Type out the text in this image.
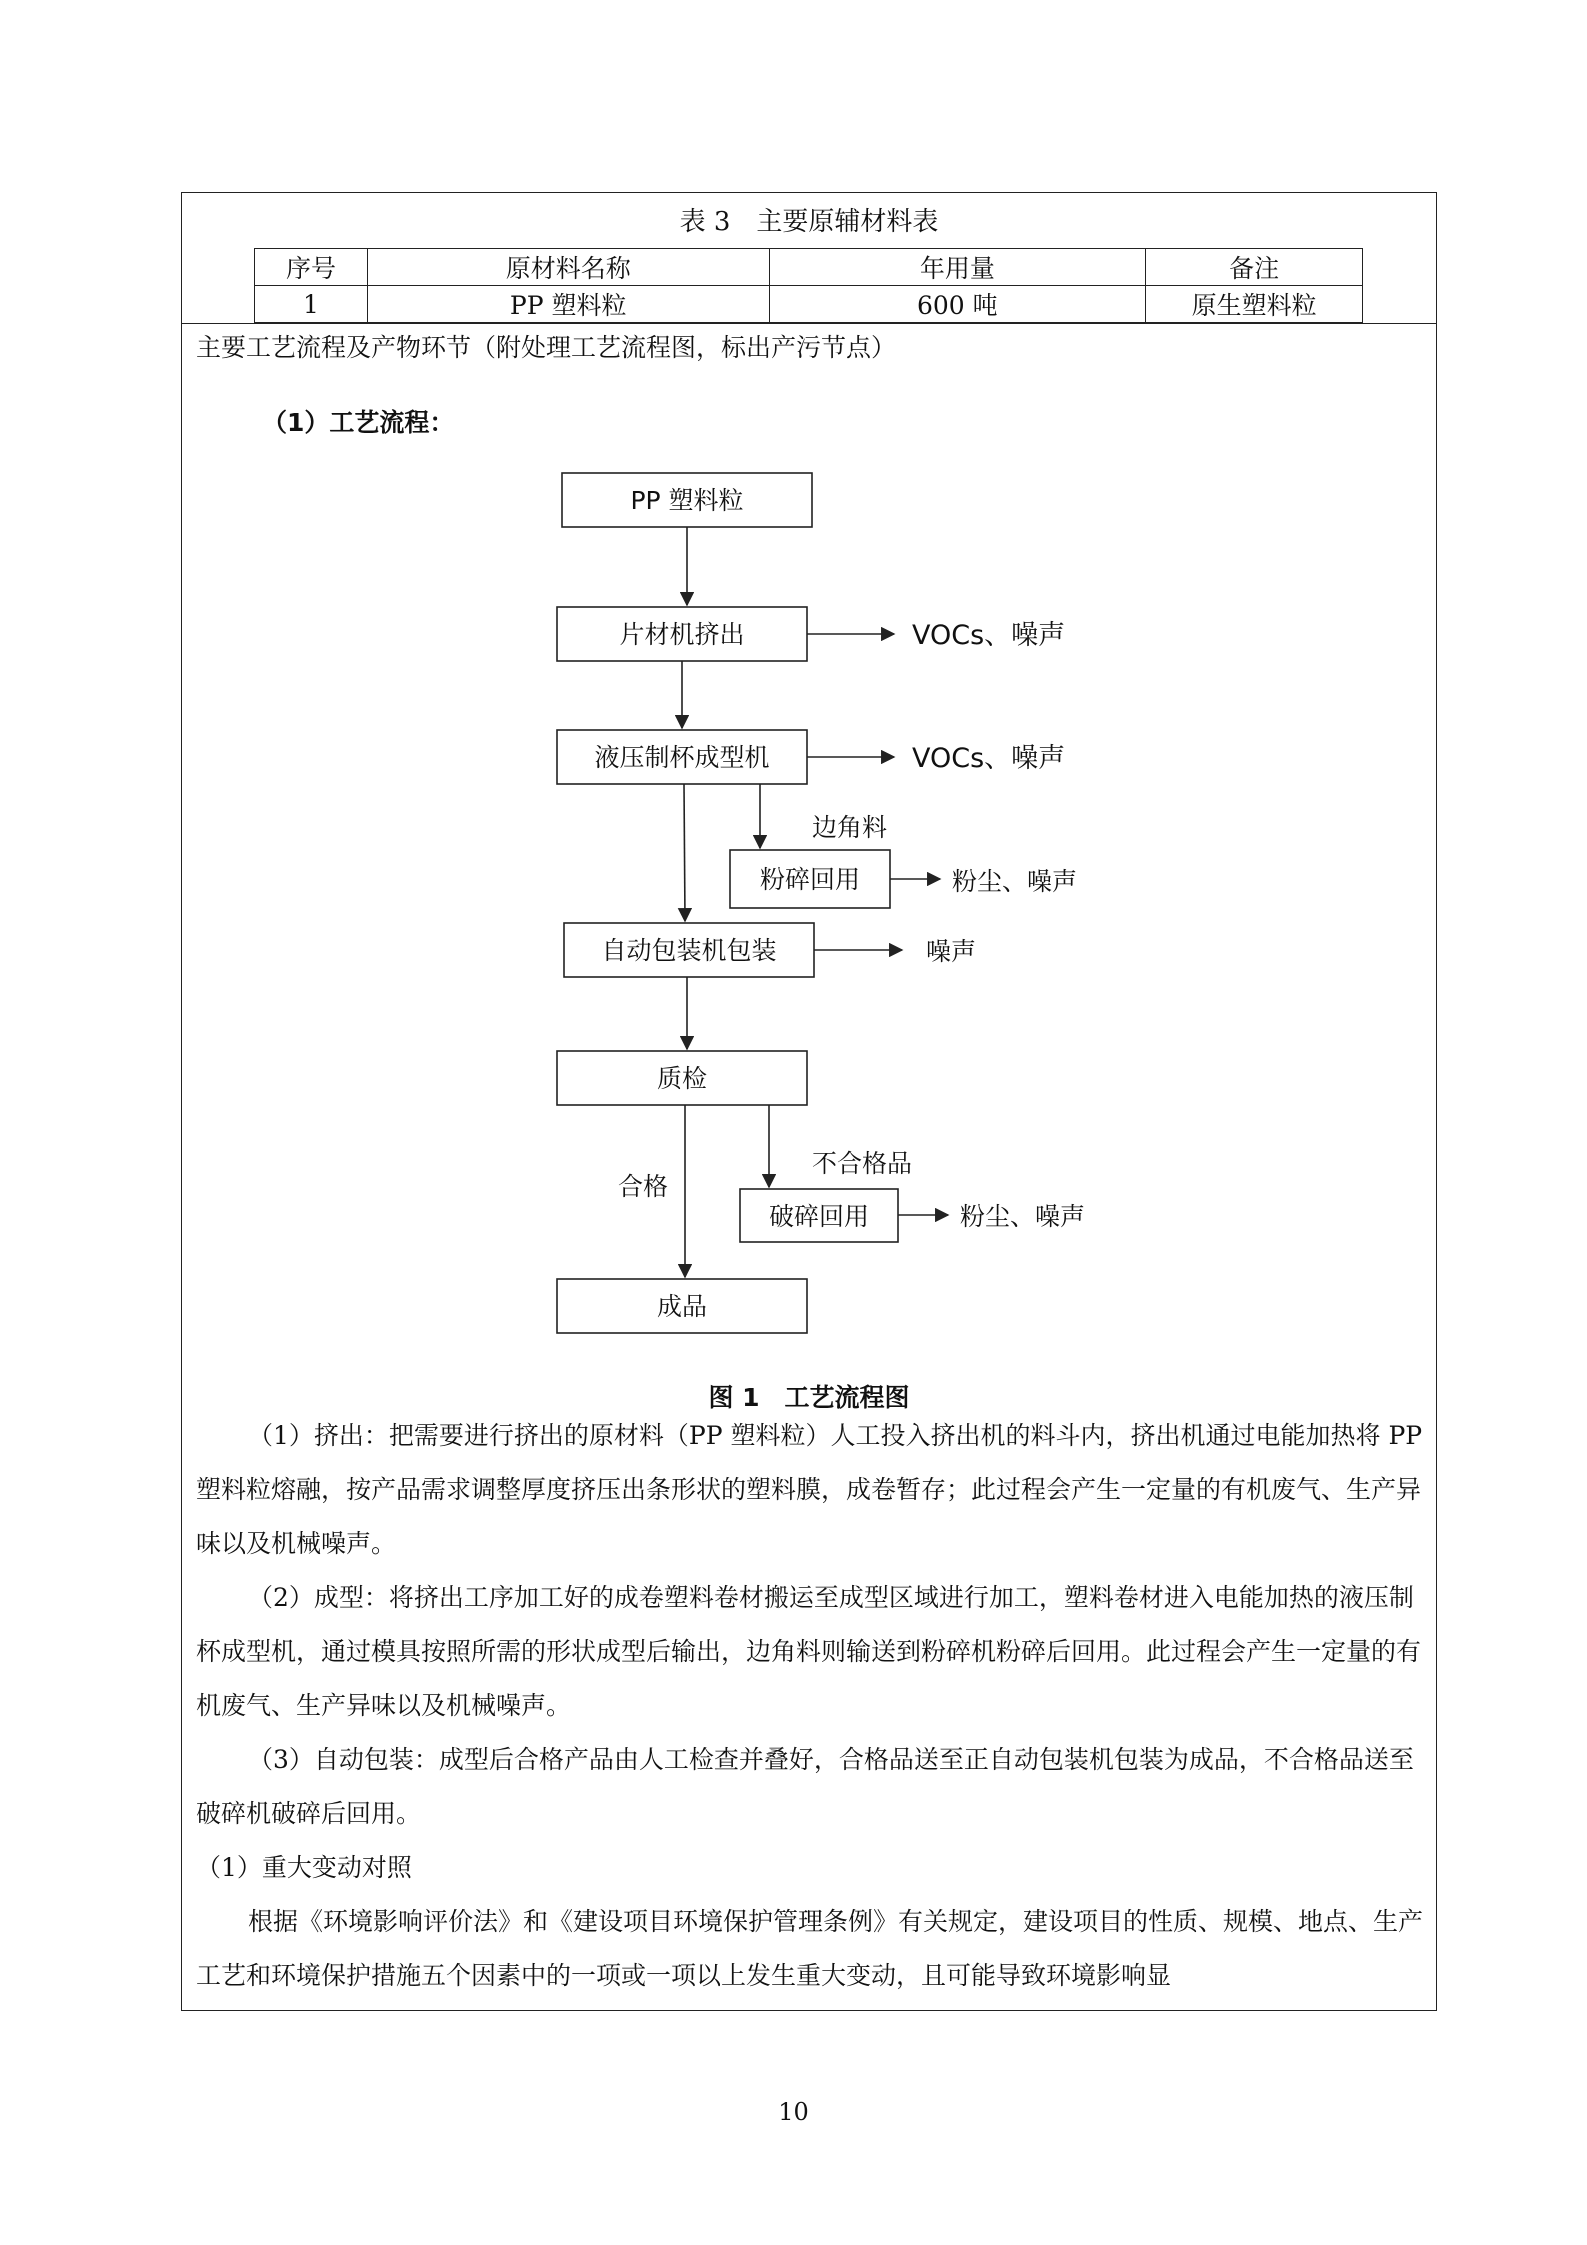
表 3　主要原辅材料表
序号	原材料名称	年用量	备注
1	PP 塑料粒	600 吨	原生塑料粒

主要工艺流程及产物环节（附处理工艺流程图，标出产污节点）

（1）工艺流程：
PP 塑料粒
片材机挤出
液压制杯成型机
粉碎回用
自动包装机包装
质检
破碎回用
成品
VOCs、噪声
VOCs、噪声
边角料
粉尘、噪声
噪声
不合格品
合格
粉尘、噪声
图 1　工艺流程图

（1）挤出：把需要进行挤出的原材料（PP 塑料粒）人工投入挤出机的料斗内，挤出机通过电能加热将 PP 塑料粒熔融，按产品需求调整厚度挤压出条形状的塑料膜，成卷暂存；此过程会产生一定量的有机废气、生产异味以及机械噪声。

（2）成型：将挤出工序加工好的成卷塑料卷材搬运至成型区域进行加工，塑料卷材进入电能加热的液压制杯成型机，通过模具按照所需的形状成型后输出，边角料则输送到粉碎机粉碎后回用。此过程会产生一定量的有机废气、生产异味以及机械噪声。

（3）自动包装：成型后合格产品由人工检查并叠好，合格品送至正自动包装机包装为成品，不合格品送至破碎机破碎后回用。

（1）重大变动对照

根据《环境影响评价法》和《建设项目环境保护管理条例》有关规定，建设项目的性质、规模、地点、生产工艺和环境保护措施五个因素中的一项或一项以上发生重大变动，且可能导致环境影响显

10
